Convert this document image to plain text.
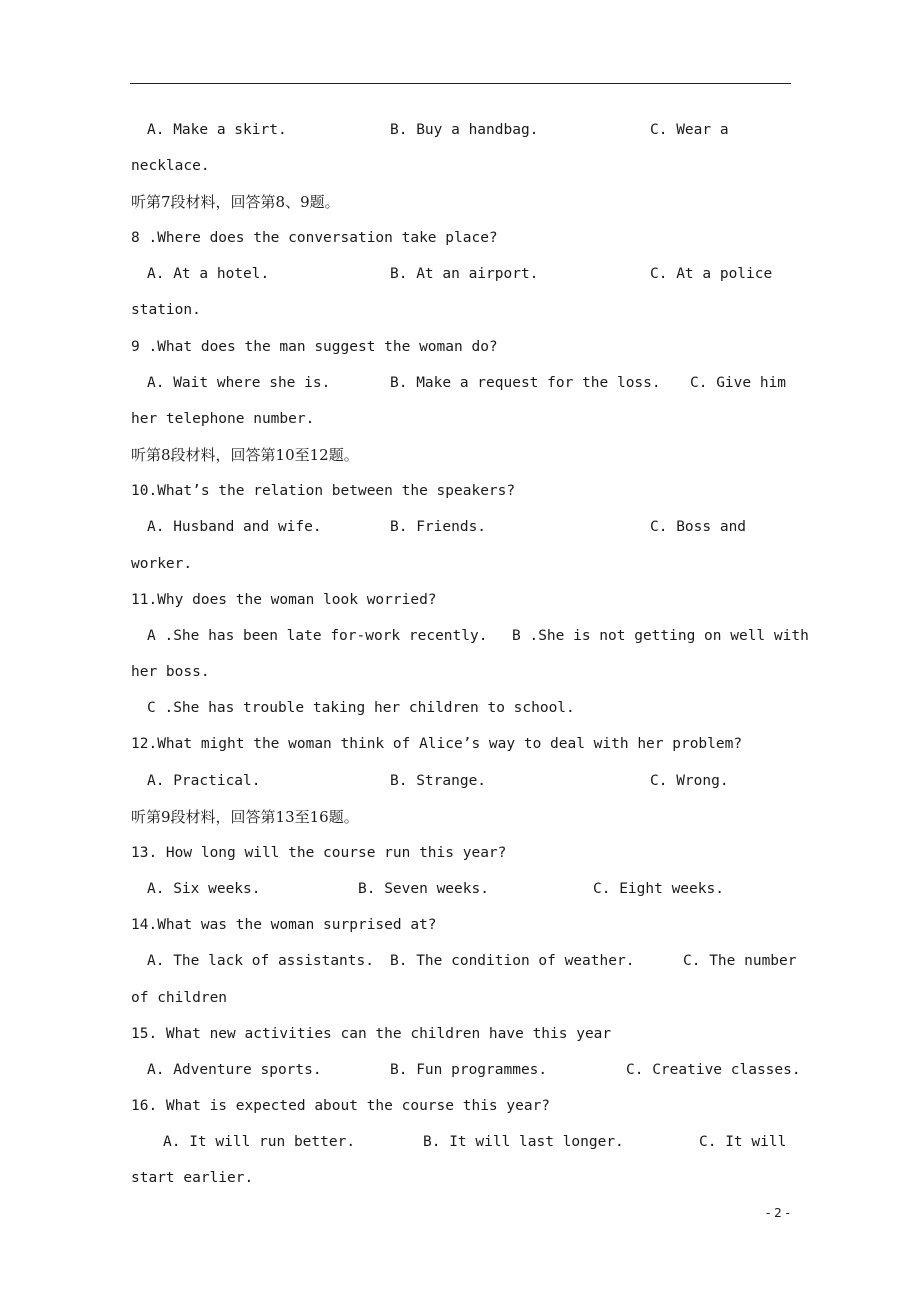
A. Make a skirt.

	B. Buy a handbag.

	C. Wear a

necklace.

听第7段材料，回答第8、9题。

8 .Where does the conversation take place?

A. At a hotel.

	B. At an airport.

	C. At a police

station.

9 .What does the man suggest the woman do?

A. Wait where she is.

	B. Make a request for the loss.

C. Give him

her telephone number.

听第8段材料，回答第10至12题。

10.What’s the relation between the speakers?

A. Husband and wife.

	B. Friends.

	C. Boss and

worker.

11.Why does the woman look worried?

A .She has been late for-work recently.

B .She is not getting on well with

her boss.

C .She has trouble taking her children to school.

12.What might the woman think of Alice’s way to deal with her problem?

A. Practical.

	B. Strange.

	C. Wrong.

听第9段材料，回答第13至16题。

13. How long will the course run this year?

A. Six weeks.

	B. Seven weeks.

	C. Eight weeks.

14.What was the woman surprised at?

A. The lack of assistants.

B. The condition of weather.

	C. The number

of children

15. What new activities can the children have this year

A. Adventure sports.

	B. Fun programmes.

	C. Creative classes.

16. What is expected about the course this year?

A. It will run better.

	B. It will last longer.

	C. It will

start earlier.

- 2 -
